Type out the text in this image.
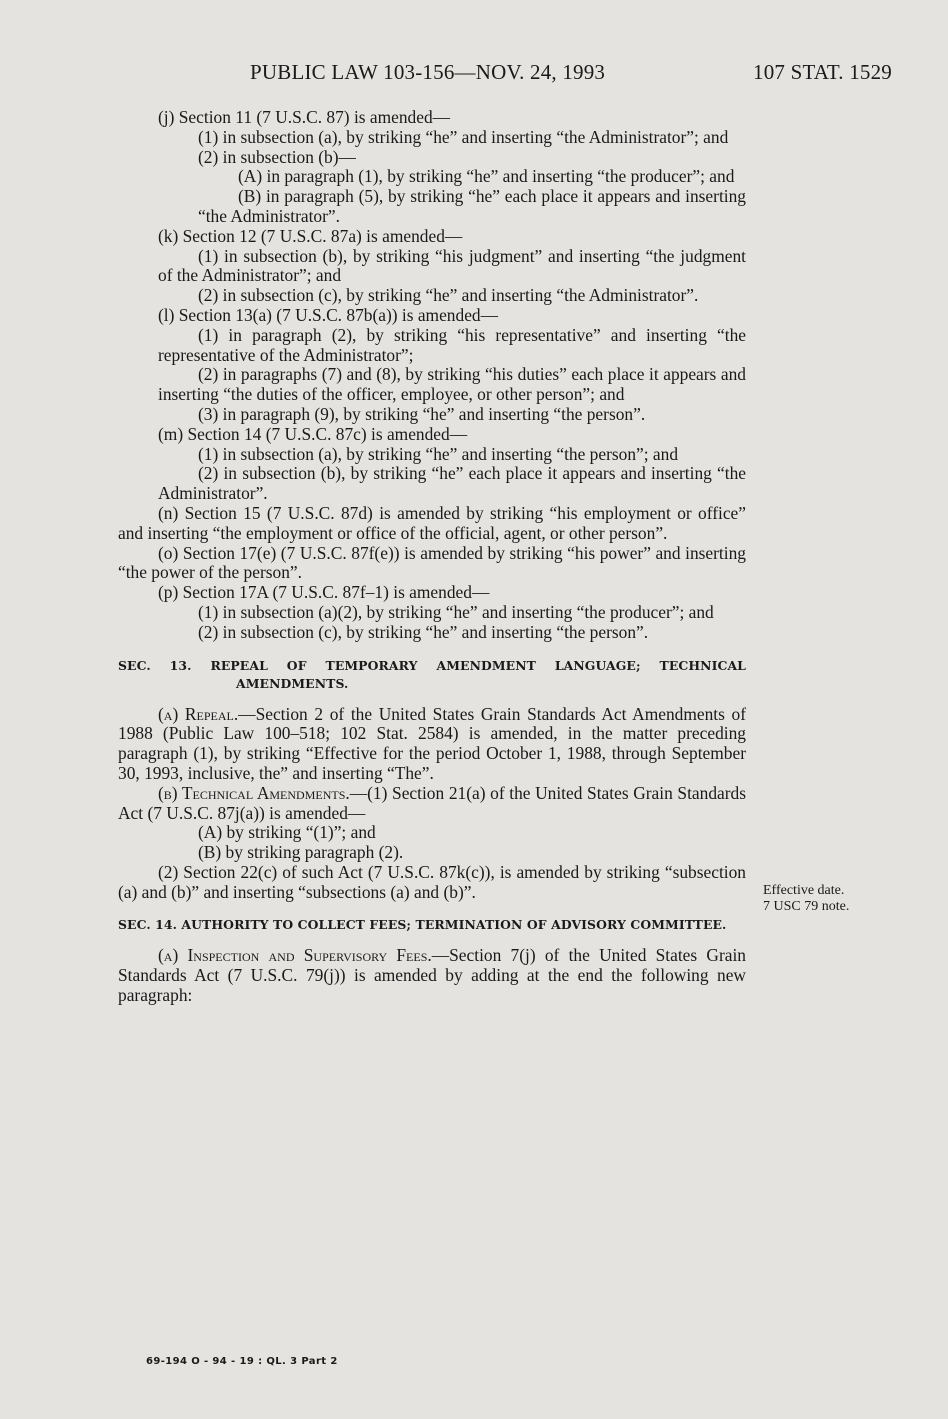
PUBLIC LAW 103-156—NOV. 24, 1993	107 STAT. 1529

(j) Section 11 (7 U.S.C. 87) is amended—

(1) in subsection (a), by striking “he” and inserting “the Administrator”; and

(2) in subsection (b)—

(A) in paragraph (1), by striking “he” and inserting “the producer”; and

(B) in paragraph (5), by striking “he” each place it appears and inserting “the Administrator”.

(k) Section 12 (7 U.S.C. 87a) is amended—

(1) in subsection (b), by striking “his judgment” and inserting “the judgment of the Administrator”; and

(2) in subsection (c), by striking “he” and inserting “the Administrator”.

(l) Section 13(a) (7 U.S.C. 87b(a)) is amended—

(1) in paragraph (2), by striking “his representative” and inserting “the representative of the Administrator”;

(2) in paragraphs (7) and (8), by striking “his duties” each place it appears and inserting “the duties of the officer, employee, or other person”; and

(3) in paragraph (9), by striking “he” and inserting “the person”.

(m) Section 14 (7 U.S.C. 87c) is amended—

(1) in subsection (a), by striking “he” and inserting “the person”; and

(2) in subsection (b), by striking “he” each place it appears and inserting “the Administrator”.

(n) Section 15 (7 U.S.C. 87d) is amended by striking “his employment or office” and inserting “the employment or office of the official, agent, or other person”.

(o) Section 17(e) (7 U.S.C. 87f(e)) is amended by striking “his power” and inserting “the power of the person”.

(p) Section 17A (7 U.S.C. 87f–1) is amended—

(1) in subsection (a)(2), by striking “he” and inserting “the producer”; and

(2) in subsection (c), by striking “he” and inserting “the person”.

SEC. 13. REPEAL OF TEMPORARY AMENDMENT LANGUAGE; TECHNICAL AMENDMENTS.

(a) Repeal.—Section 2 of the United States Grain Standards Act Amendments of 1988 (Public Law 100–518; 102 Stat. 2584) is amended, in the matter preceding paragraph (1), by striking “Effective for the period October 1, 1988, through September 30, 1993, inclusive, the” and inserting “The”.

(b) Technical Amendments.—(1) Section 21(a) of the United States Grain Standards Act (7 U.S.C. 87j(a)) is amended—

(A) by striking “(1)”; and

(B) by striking paragraph (2).

(2) Section 22(c) of such Act (7 U.S.C. 87k(c)), is amended by striking “subsection (a) and (b)” and inserting “subsections (a) and (b)”.

SEC. 14. AUTHORITY TO COLLECT FEES; TERMINATION OF ADVISORY COMMITTEE.

(a) Inspection and Supervisory Fees.—Section 7(j) of the United States Grain Standards Act (7 U.S.C. 79(j)) is amended by adding at the end the following new paragraph:

Effective date.
7 USC 79 note.
69-194 O - 94 - 19 : QL. 3 Part 2
